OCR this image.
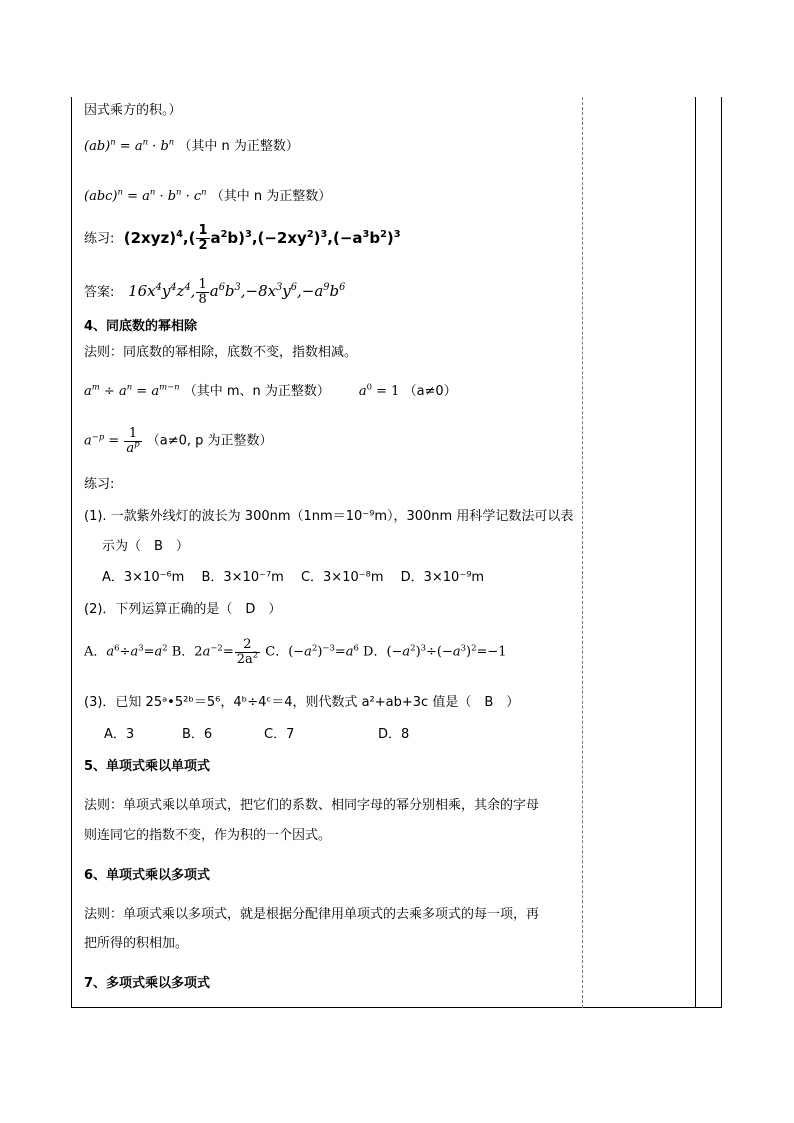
因式乘方的积。）
$(ab)^n = a^n \cdot b^n$ （其中 n 为正整数）
$(abc)^n = a^n \cdot b^n \cdot c^n$ （其中 n 为正整数）
练习:  $(2xyz)^4,( \frac{1}{2} a^2b)^3,(-2xy^2)^3,(-a^3b^2)^3$
答案:   $16x^4y^4z^4$, $\frac{1}{8} a^6b^3,-8x^3y^6,-a^9b^6$
4、同底数的幂相除
法则：同底数的幂相除，底数不变，指数相减。
$a^m \div a^n = a^{m-n}$ （其中 m、n 为正整数） $a^0 = 1$ （a≠0）
$a^{-p} = \frac{1}{a^p} (a\ne 0$, p 为正整数）
练习:
(1). 一款紫外线灯的波长为 300nm（1nm＝10⁻⁹m），300nm 用科学记数法可以表
示为（　B　）
A．3×10⁻⁶m　 B．3×10⁻⁷m　 C．3×10⁻⁸m　 D．3×10⁻⁹m
(2)．下列运算正确的是（　D　）
A．$a^6\div a^3=a^2$ B．$2a^{-2}= \frac{2}{2a^2}$ C．$(-a^2)^{-3}=a^6$ D．$(-a^2)^3\div(-a^3)^2=-1$
(3)．已知 25ᵃ•5²ᵇ＝5⁶，4ᵇ÷4ᶜ＝4，则代数式 a²+ab+3c 值是（　B　）
A．3	B．6	C．7	D．8
5、单项式乘以单项式
法则：单项式乘以单项式，把它们的系数、相同字母的幂分别相乘，其余的字母
则连同它的指数不变，作为积的一个因式。
6、单项式乘以多项式
法则：单项式乘以多项式，就是根据分配律用单项式的去乘多项式的每一项，再
把所得的积相加。
7、多项式乘以多项式
